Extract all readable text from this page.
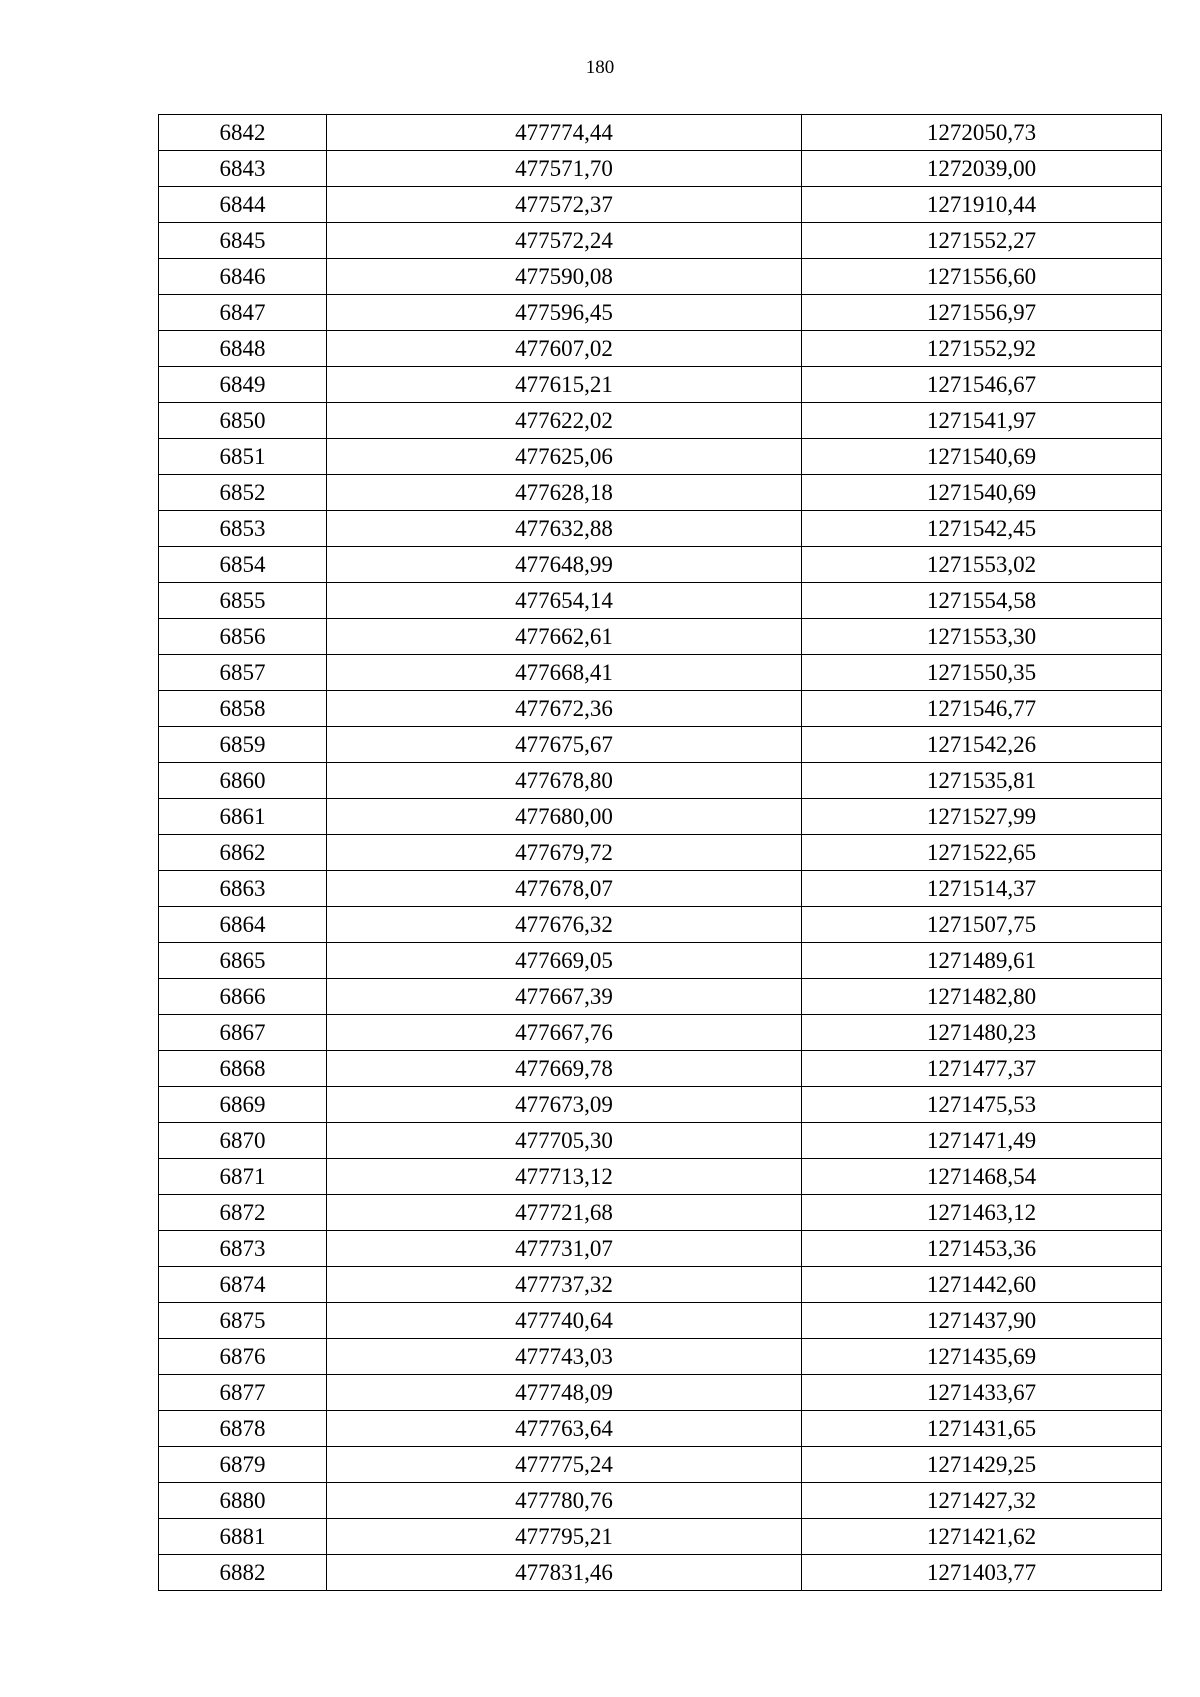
180
6842	477774,44	1272050,73
6843	477571,70	1272039,00
6844	477572,37	1271910,44
6845	477572,24	1271552,27
6846	477590,08	1271556,60
6847	477596,45	1271556,97
6848	477607,02	1271552,92
6849	477615,21	1271546,67
6850	477622,02	1271541,97
6851	477625,06	1271540,69
6852	477628,18	1271540,69
6853	477632,88	1271542,45
6854	477648,99	1271553,02
6855	477654,14	1271554,58
6856	477662,61	1271553,30
6857	477668,41	1271550,35
6858	477672,36	1271546,77
6859	477675,67	1271542,26
6860	477678,80	1271535,81
6861	477680,00	1271527,99
6862	477679,72	1271522,65
6863	477678,07	1271514,37
6864	477676,32	1271507,75
6865	477669,05	1271489,61
6866	477667,39	1271482,80
6867	477667,76	1271480,23
6868	477669,78	1271477,37
6869	477673,09	1271475,53
6870	477705,30	1271471,49
6871	477713,12	1271468,54
6872	477721,68	1271463,12
6873	477731,07	1271453,36
6874	477737,32	1271442,60
6875	477740,64	1271437,90
6876	477743,03	1271435,69
6877	477748,09	1271433,67
6878	477763,64	1271431,65
6879	477775,24	1271429,25
6880	477780,76	1271427,32
6881	477795,21	1271421,62
6882	477831,46	1271403,77
